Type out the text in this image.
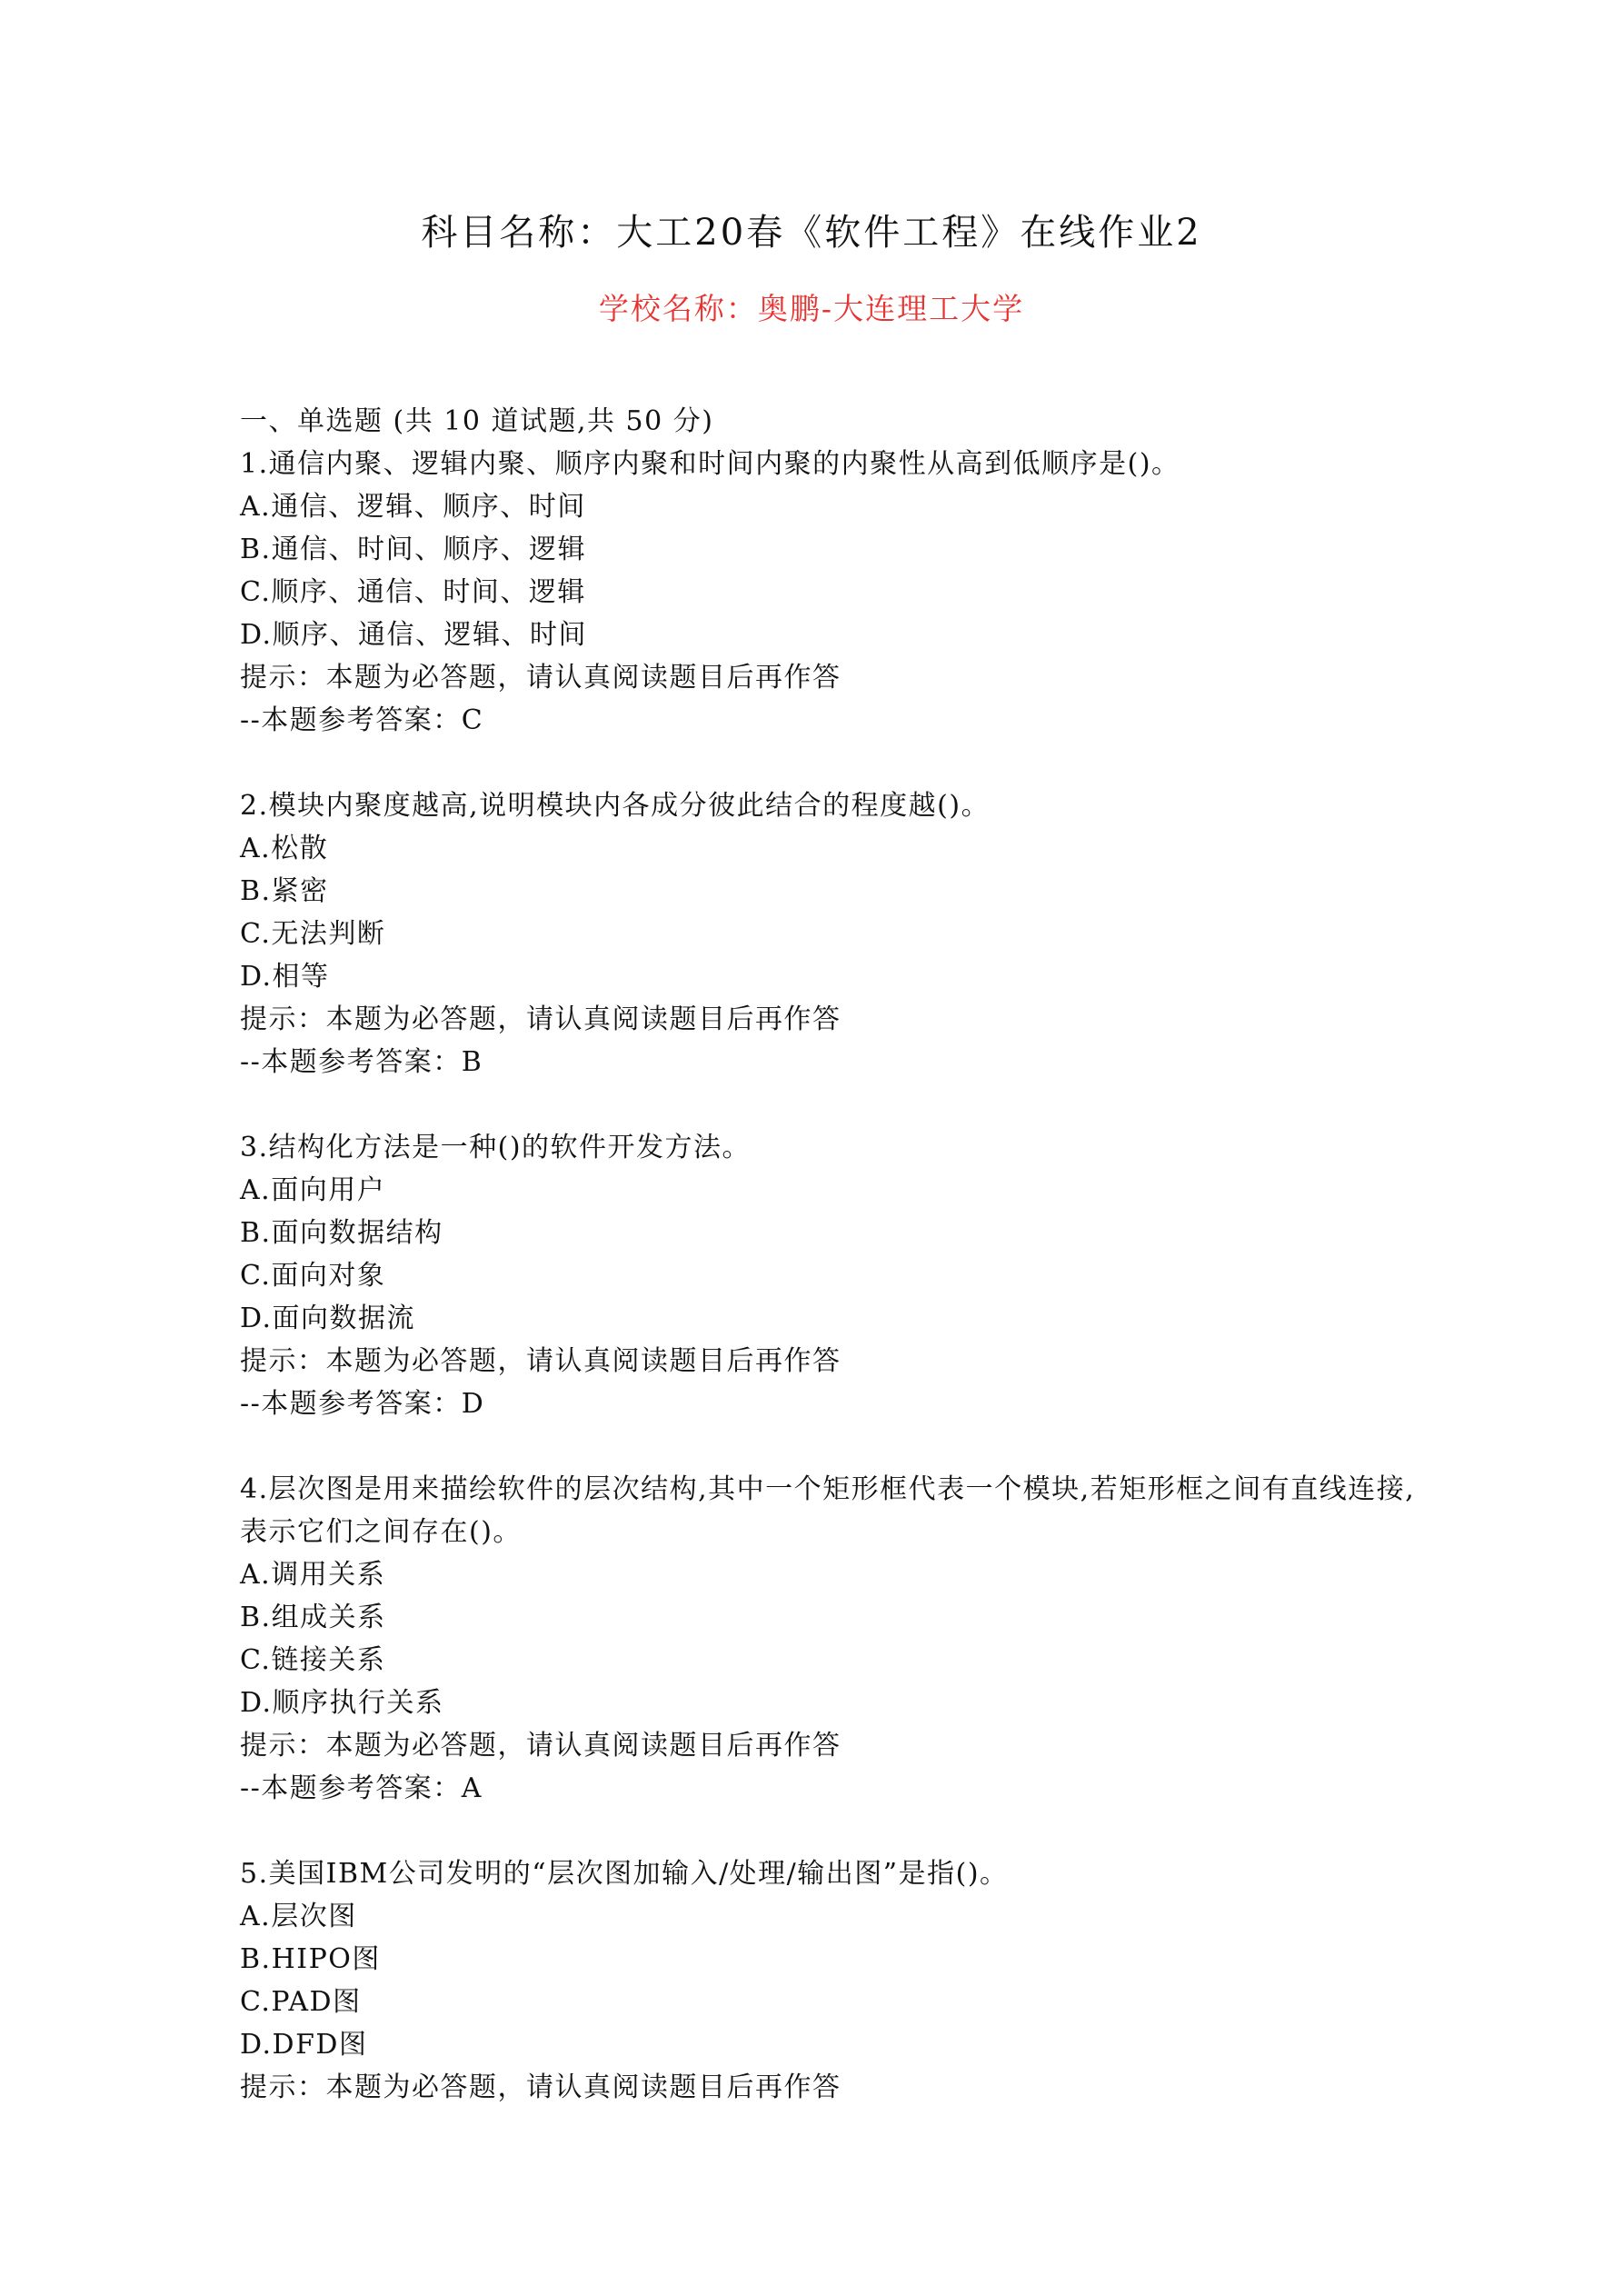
科目名称：大工20春《软件工程》在线作业2
学校名称：奥鹏-大连理工大学
一、单选题 (共 10 道试题,共 50 分)
1.通信内聚、逻辑内聚、顺序内聚和时间内聚的内聚性从高到低顺序是()。
A.通信、逻辑、顺序、时间
B.通信、时间、顺序、逻辑
C.顺序、通信、时间、逻辑
D.顺序、通信、逻辑、时间
提示：本题为必答题，请认真阅读题目后再作答
--本题参考答案：C
2.模块内聚度越高,说明模块内各成分彼此结合的程度越()。
A.松散
B.紧密
C.无法判断
D.相等
提示：本题为必答题，请认真阅读题目后再作答
--本题参考答案：B
3.结构化方法是一种()的软件开发方法。
A.面向用户
B.面向数据结构
C.面向对象
D.面向数据流
提示：本题为必答题，请认真阅读题目后再作答
--本题参考答案：D
4.层次图是用来描绘软件的层次结构,其中一个矩形框代表一个模块,若矩形框之间有直线连接,表示它们之间存在()。
A.调用关系
B.组成关系
C.链接关系
D.顺序执行关系
提示：本题为必答题，请认真阅读题目后再作答
--本题参考答案：A
5.美国IBM公司发明的“层次图加输入/处理/输出图”是指()。
A.层次图
B.HIPO图
C.PAD图
D.DFD图
提示：本题为必答题，请认真阅读题目后再作答
